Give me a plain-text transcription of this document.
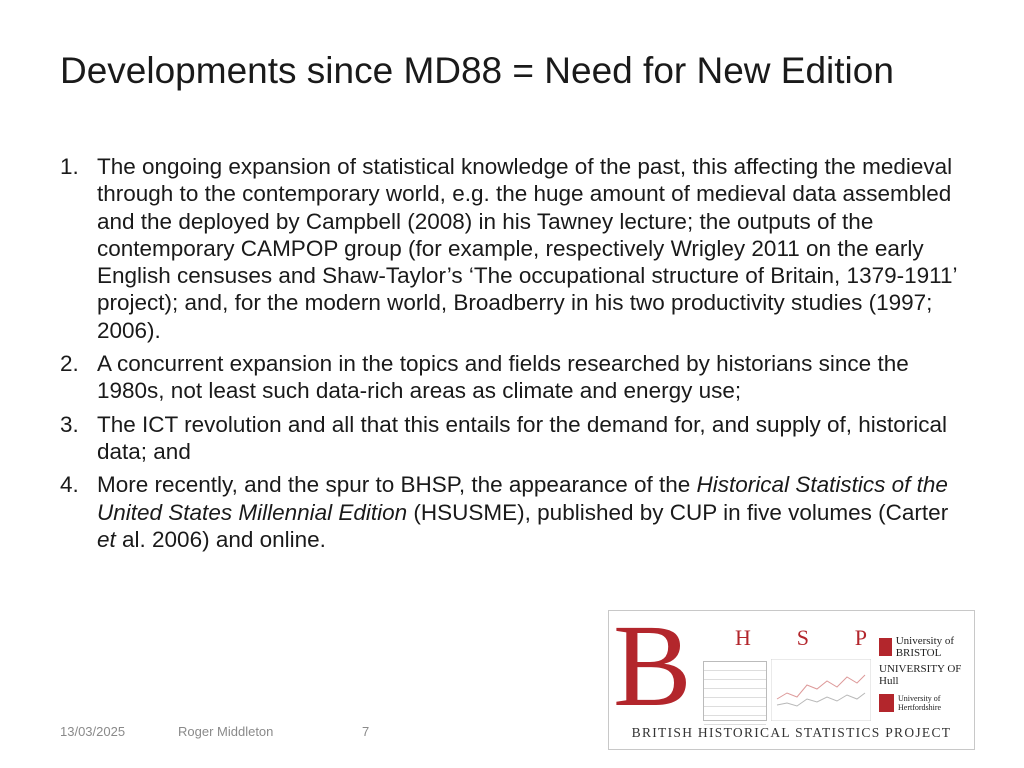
Developments since MD88 = Need for New Edition
1. The ongoing expansion of statistical knowledge of the past, this affecting the medieval through to the contemporary world, e.g. the huge amount of medieval data assembled and the deployed by Campbell (2008) in his Tawney lecture; the outputs of the contemporary CAMPOP group (for example, respectively Wrigley 2011 on the early English censuses and Shaw-Taylor’s ‘The occupational structure of Britain, 1379-1911’ project); and, for the modern world, Broadberry in his two productivity studies (1997; 2006).
2. A concurrent expansion in the topics and fields researched by historians since the 1980s, not least such data-rich areas as climate and energy use;
3. The ICT revolution and all that this entails for the demand for, and supply of, historical data; and
4. More recently, and the spur to BHSP, the appearance of the Historical Statistics of the United States Millennial Edition (HSUSME), published by CUP in five volumes (Carter et al. 2006) and online.
B H S P	University of BRISTOL
UNIVERSITY OF Hull
University of Hertfordshire
BRITISH HISTORICAL STATISTICS PROJECT
13/03/2025	Roger Middleton	7
